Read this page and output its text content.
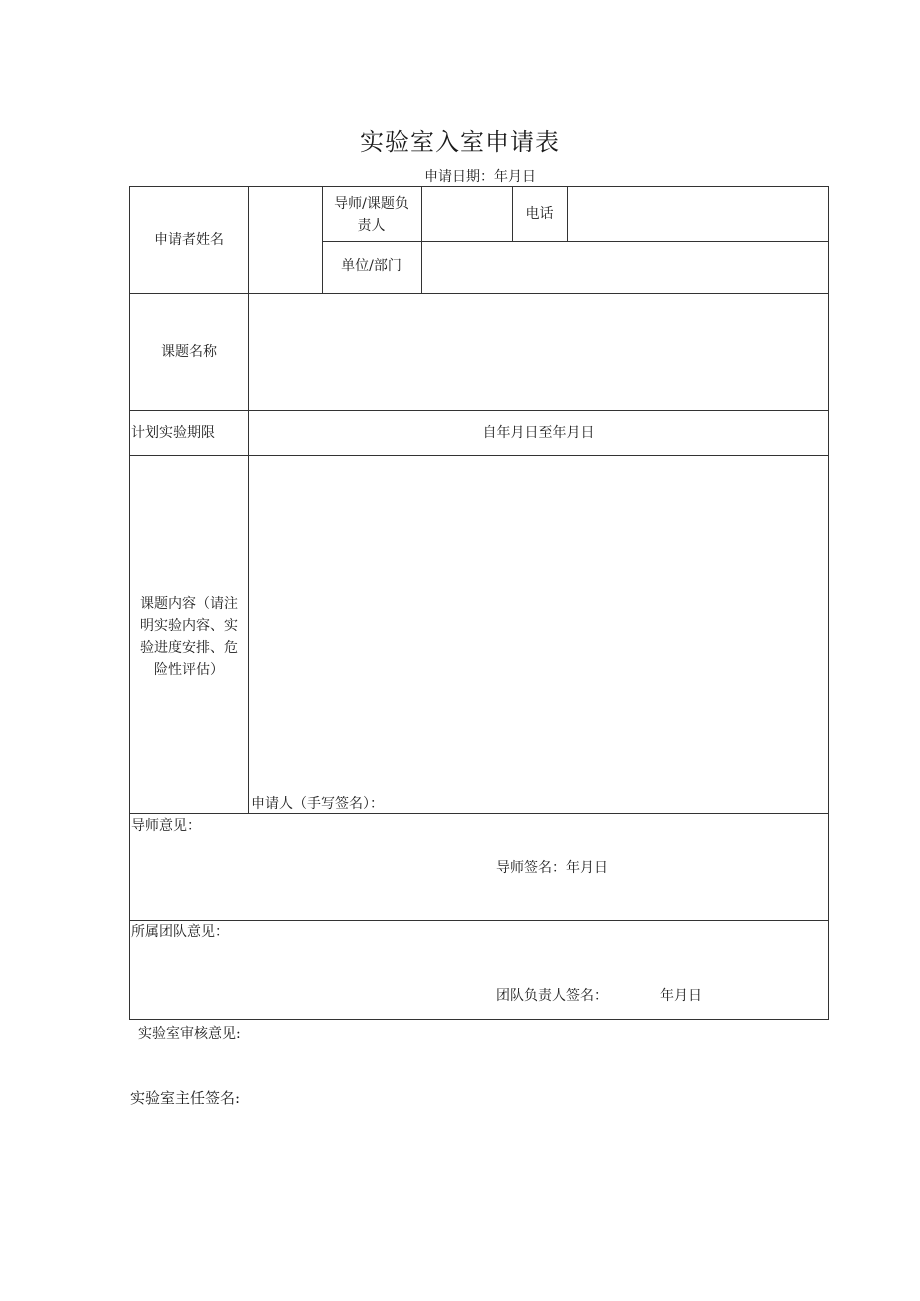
实验室入室申请表
申请日期：年月日
申请者姓名
导师/课题负
责人
电话
单位/部门
课题名称
计划实验期限	自年月日至年月日
课题内容（请注
明实验内容、实
验进度安排、危
险性评估）
申请人（手写签名）：
导师意见：
导师签名：年月日
所属团队意见：
团队负责人签名：	年月日
实验室审核意见:
实验室主任签名:
